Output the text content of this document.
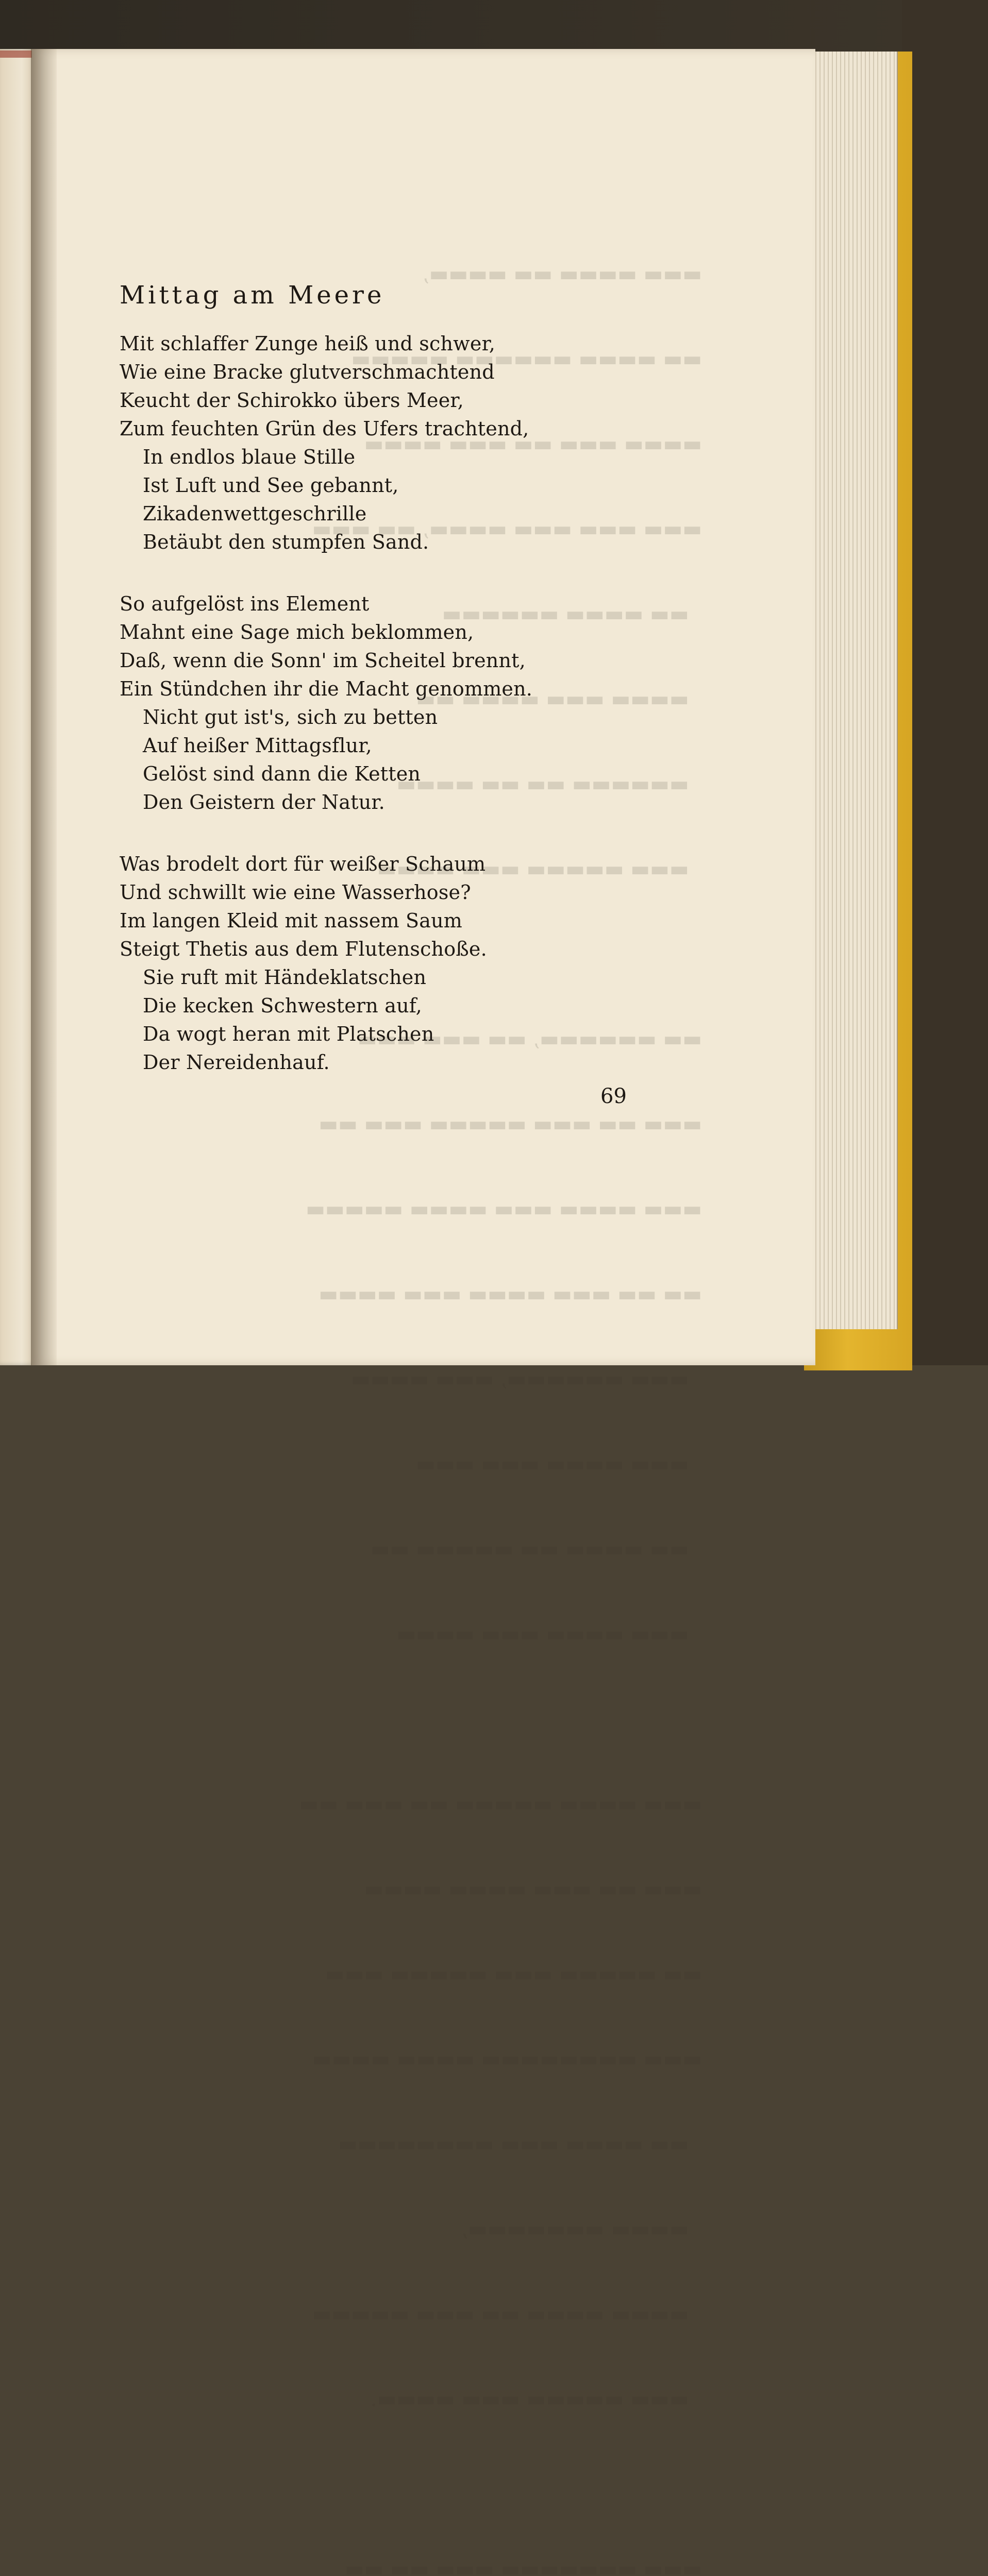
▬▬▬ ▬▬▬▬ ▬▬ ▬▬▬▬,

▬▬ ▬▬▬▬ ▬▬▬▬▬▬ ▬▬▬▬▬

▬▬▬▬ ▬▬▬ ▬▬ ▬▬▬ ▬▬▬▬

▬▬▬ ▬▬▬ ▬▬▬ ▬▬▬▬, ▬▬ ▬▬▬

▬▬ ▬▬▬▬ ▬▬▬▬▬▬

▬▬▬▬ ▬▬▬ ▬▬▬▬ ▬▬

▬▬▬▬▬▬ ▬▬ ▬▬ ▬▬▬▬

▬▬▬ ▬▬▬▬▬ ▬▬▬ ▬▬▬▬

▬▬ ▬▬▬▬▬▬, ▬▬ ▬▬▬ ▬▬▬

▬▬▬ ▬▬ ▬▬▬ ▬▬▬▬▬ ▬▬▬ ▬▬

▬▬▬ ▬▬▬▬ ▬▬▬ ▬▬▬▬ ▬▬▬▬▬

▬▬ ▬▬ ▬▬▬ ▬▬▬▬ ▬▬▬ ▬▬▬▬

▬▬▬ ▬▬▬▬▬▬, ▬▬▬ ▬▬▬▬

▬▬▬ ▬▬▬▬ ▬▬▬ ▬▬▬

▬▬ ▬▬▬▬ ▬▬ ▬▬▬▬▬ ▬▬

▬▬▬ ▬▬▬▬ ▬▬▬ ▬▬▬▬

▬▬▬ ▬▬▬▬ ▬▬▬▬▬ ▬▬ ▬▬▬ ▬▬

▬▬▬ ▬▬ ▬▬▬ ▬▬▬▬ ▬▬▬▬

▬▬ ▬▬▬▬▬ ▬▬▬ ▬▬▬▬▬ ▬▬▬

▬▬▬ ▬▬▬▬▬▬▬▬ ▬▬▬▬ ▬▬▬▬

▬▬ ▬▬▬▬ ▬▬▬ ▬▬▬▬▬▬▬▬

▬▬▬▬ ▬▬▬▬▬▬▬,

▬▬▬▬ ▬▬▬▬ ▬▬ ▬▬▬ ▬▬▬▬▬

▬▬▬ ▬▬▬▬▬ ▬▬▬ ▬▬▬▬.

▬▬▬ ▬▬▬▬▬▬▬ ▬▬▬ ▬▬ ▬▬

Mittag am Meere
Mit schlaffer Zunge heiß und schwer,
Wie eine Bracke glutverschmachtend
Keucht der Schirokko übers Meer,
Zum feuchten Grün des Ufers trachtend,
In endlos blaue Stille
Ist Luft und See gebannt,
Zikadenwettgeschrille
Betäubt den stumpfen Sand.
So aufgelöst ins Element
Mahnt eine Sage mich beklommen,
Daß, wenn die Sonn' im Scheitel brennt,
Ein Stündchen ihr die Macht genommen.
Nicht gut ist's, sich zu betten
Auf heißer Mittagsflur,
Gelöst sind dann die Ketten
Den Geistern der Natur.
Was brodelt dort für weißer Schaum
Und schwillt wie eine Wasserhose?
Im langen Kleid mit nassem Saum
Steigt Thetis aus dem Flutenschoße.
Sie ruft mit Händeklatschen
Die kecken Schwestern auf,
Da wogt heran mit Platschen
Der Nereidenhauf.
69
